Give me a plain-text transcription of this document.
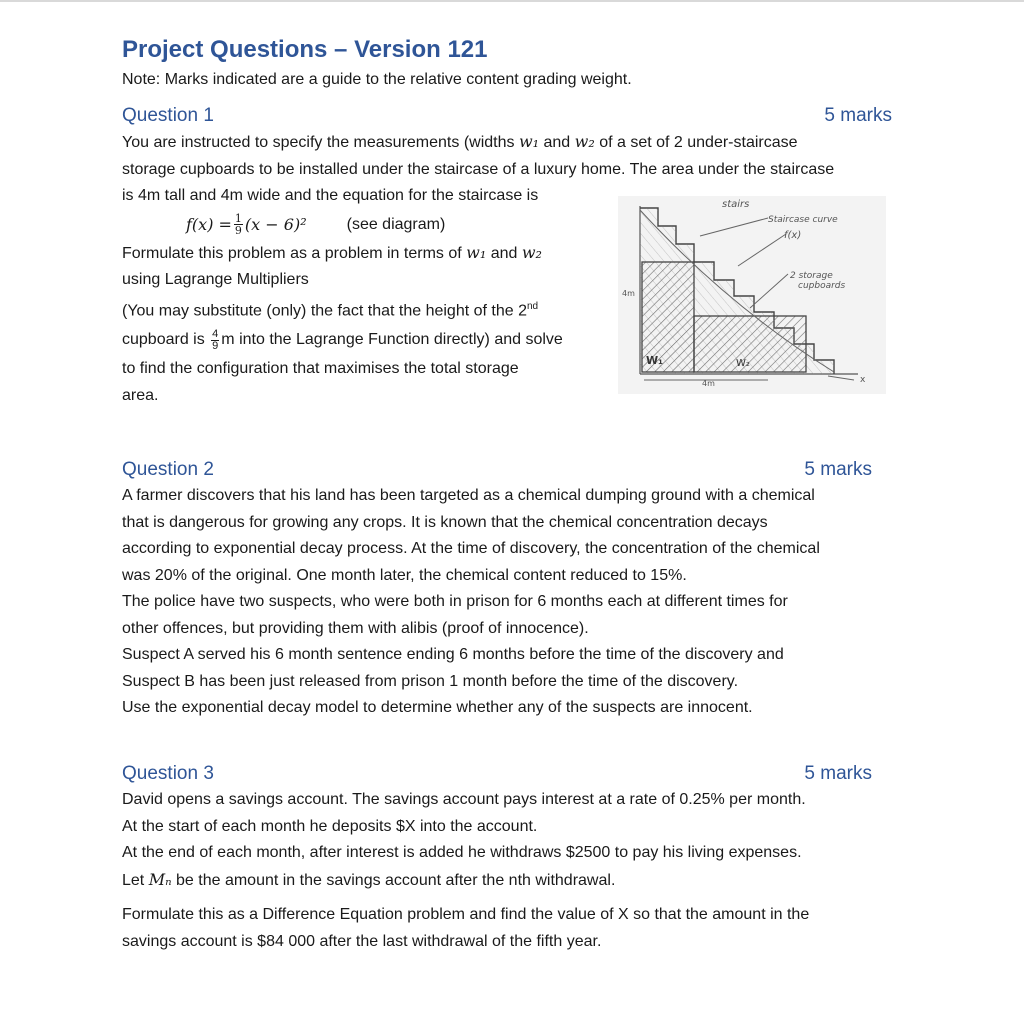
Project Questions – Version 121
Note: Marks indicated are a guide to the relative content grading weight.
Question 1	5 marks
You are instructed to specify the measurements (widths w₁ and w₂ of a set of 2 under-staircase
storage cupboards to be installed under the staircase of a luxury home. The area under the staircase
is 4m tall and 4m wide and the equation for the staircase is
$f(x) = \frac{1}{9} (x - 6)^2$	(see diagram)
Formulate this problem as a problem in terms of w₁ and w₂
using Lagrange Multipliers
(You may substitute (only) the fact that the height of the 2nd
cupboard is $\frac{4}{9}$ m into the Lagrange Function directly) and solve
to find the configuration that maximises the total storage
area.
Question 2	5 marks
A farmer discovers that his land has been targeted as a chemical dumping ground with a chemical
that is dangerous for growing any crops. It is known that the chemical concentration decays
according to exponential decay process. At the time of discovery, the concentration of the chemical
was 20% of the original. One month later, the chemical content reduced to 15%.
The police have two suspects, who were both in prison for 6 months each at different times for
other offences, but providing them with alibis (proof of innocence).
Suspect A served his 6 month sentence ending 6 months before the time of the discovery and
Suspect B has been just released from prison 1 month before the time of the discovery.
Use the exponential decay model to determine whether any of the suspects are innocent.
Question 3	5 marks
David opens a savings account. The savings account pays interest at a rate of 0.25% per month.
At the start of each month he deposits $X into the account.
At the end of each month, after interest is added he withdraws $2500 to pay his living expenses.
Let Mₙ be the amount in the savings account after the nth withdrawal.
Formulate this as a Difference Equation problem and find the value of X so that the amount in the
savings account is $84 000 after the last withdrawal of the fifth year.
stairs
Staircase curve
f(x)
2 storage
cupboards
4m
W₁	W₂
4m	x
